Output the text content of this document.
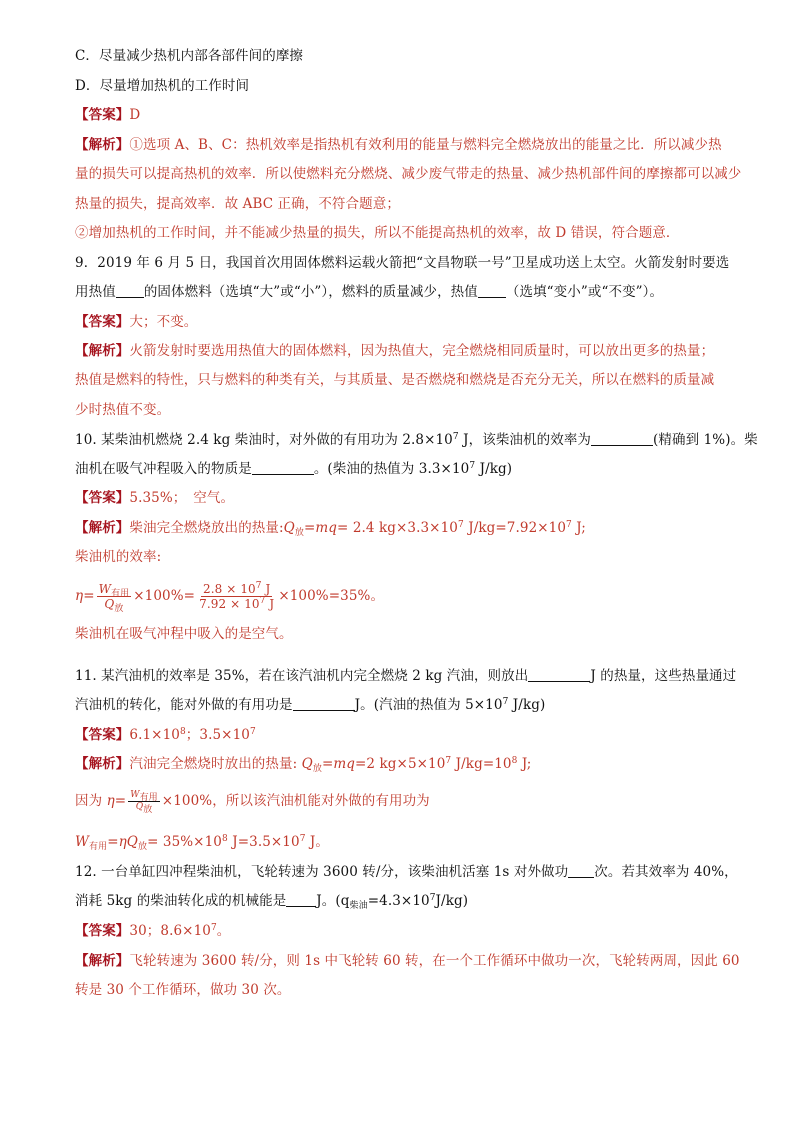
C．尽量减少热机内部各部件间的摩擦
D．尽量增加热机的工作时间
【答案】D
【解析】①选项 A、B、C：热机效率是指热机有效利用的能量与燃料完全燃烧放出的能量之比．所以减少热
量的损失可以提高热机的效率．所以使燃料充分燃烧、减少废气带走的热量、减少热机部件间的摩擦都可以减少
热量的损失，提高效率．故 ABC 正确，不符合题意；
②增加热机的工作时间，并不能减少热量的损失，所以不能提高热机的效率，故 D 错误，符合题意．
9．2019 年 6 月 5 日，我国首次用固体燃料运载火箭把“文昌物联一号”卫星成功送上太空。火箭发射时要选
用热值 的固体燃料（选填“大”或“小”），燃料的质量减少，热值 （选填“变小”或“不变”）。
【答案】大；不变。
【解析】火箭发射时要选用热值大的固体燃料，因为热值大，完全燃烧相同质量时，可以放出更多的热量；
热值是燃料的特性，只与燃料的种类有关，与其质量、是否燃烧和燃烧是否充分无关，所以在燃料的质量减
少时热值不变。
10. 某柴油机燃烧 2.4 kg 柴油时，对外做的有用功为 $2.8\times 10^7$ J，该柴油机的效率为	(精确到 1%)。柴
油机在吸气冲程吸入的物质是	。(柴油的热值为 $3.3\times 10^7$ J/kg)
【答案】5.35%；　空气。
【解析】柴油完全燃烧放出的热量$:Q_放=mq= 2.4$ $kg\times 3.3\times 10^7$ $J/kg=7.92\times 10^7$ J;
柴油机的效率:
$\eta= \frac{W_{有用}}{Q_放} \times 100\%= \frac{2.8 \times 10^7 J}{7.92 \times 10^7 J} \times 100\%=35\%$。
柴油机在吸气冲程中吸入的是空气。
11. 某汽油机的效率是 35%，若在该汽油机内完全燃烧 2 kg 汽油，则放出	J 的热量，这些热量通过
汽油机的转化，能对外做的有用功是	J。(汽油的热值为 $5\times 10^7$ J/kg)
【答案】$6.1\times 10^8$；$3.5\times 10^7$
【解析】汽油完全燃烧时放出的热量: $Q_放=mq=2$ $kg\times 5\times 10^7$ $J/kg=10^8$ J;
因为 $\eta= \frac{W_{有用}}{Q_放} \times 100\%$，所以该汽油机能对外做的有用功为
$W_{有用}=\eta Q_放= 35\%\times 10^8$ $J=3.5\times 10^7$ J。
12. 一台单缸四冲程柴油机，飞轮转速为 3600 转/分，该柴油机活塞 1s 对外做功 次。若其效率为 40%，
消耗 5kg 的柴油转化成的机械能是 J。$(q_{柴油}=4.3\times 10^7J/kg)$
【答案】30；$8.6\times 10^7$。
【解析】飞轮转速为 3600 转/分，则 1s 中飞轮转 60 转，在一个工作循环中做功一次，飞轮转两周，因此 60
转是 30 个工作循环，做功 30 次。
